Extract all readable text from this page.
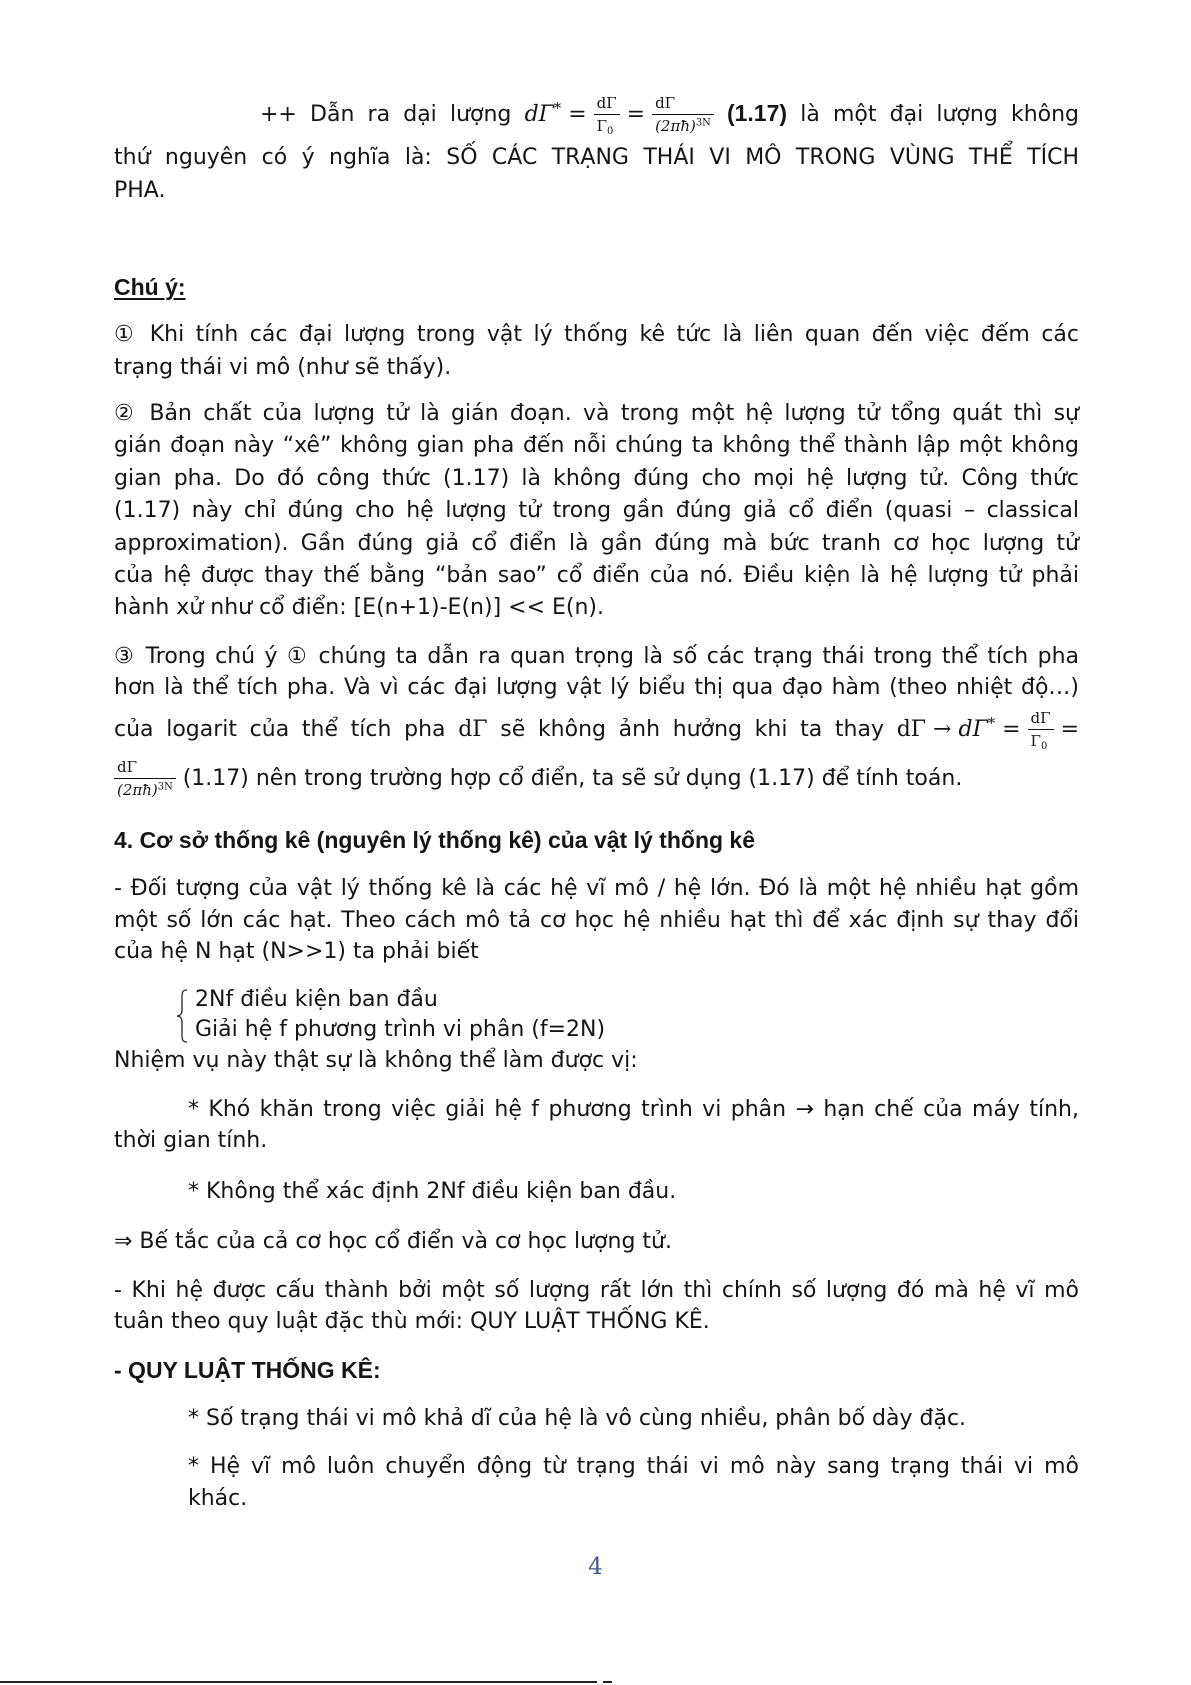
++ Dẫn ra dại lượng $d\Gamma^* = \frac{d\Gamma}{\Gamma_0} = \frac{d\Gamma}{(2\pi ħ)^{3N}} (1.17)$ là một đại lượng không
thứ nguyên có ý nghĩa là: SỐ CÁC TRẠNG THÁI VI MÔ TRONG VÙNG THỂ TÍCH
PHA.
Chú ý:
① Khi tính các đại lượng trong vật lý thống kê tức là liên quan đến việc đếm các
trạng thái vi mô (như sẽ thấy).
② Bản chất của lượng tử là gián đoạn. và trong một hệ lượng tử tổng quát thì sự
gián đoạn này “xê” không gian pha đến nỗi chúng ta không thể thành lập một không
gian pha. Do đó công thức (1.17) là không đúng cho mọi hệ lượng tử. Công thức
(1.17) này chỉ đúng cho hệ lượng tử trong gần đúng giả cổ điển (quasi – classical
approximation). Gần đúng giả cổ điển là gần đúng mà bức tranh cơ học lượng tử
của hệ được thay thế bằng “bản sao” cổ điển của nó. Điều kiện là hệ lượng tử phải
hành xử như cổ điển: [E(n+1)-E(n)] << E(n).
③ Trong chú ý ① chúng ta dẫn ra quan trọng là số các trạng thái trong thể tích pha
hơn là thể tích pha. Và vì các đại lượng vật lý biểu thị qua đạo hàm (theo nhiệt độ…)
của logarit của thể tích pha dΓ sẽ không ảnh hưởng khi ta thay $d\Gamma \to d\Gamma^* = \frac{d\Gamma}{\Gamma_0}$ =
$\frac{d\Gamma}{(2\pi ħ)^{3N}} (1.17)$ nên trong trường hợp cổ điển, ta sẽ sử dụng (1.17) để tính toán.
4. Cơ sở thống kê (nguyên lý thống kê) của vật lý thống kê
- Đối tượng của vật lý thống kê là các hệ vĩ mô / hệ lớn. Đó là một hệ nhiều hạt gồm
một số lớn các hạt. Theo cách mô tả cơ học hệ nhiều hạt thì để xác định sự thay đổi
của hệ N hạt (N>>1) ta phải biết
2Nf điều kiện ban đầu
Giải hệ f phương trình vi phân (f=2N)
Nhiệm vụ này thật sự là không thể làm được vị:
* Khó khăn trong việc giải hệ f phương trình vi phân → hạn chế của máy tính,
thời gian tính.
* Không thể xác định 2Nf điều kiện ban đầu.
⇒ Bế tắc của cả cơ học cổ điển và cơ học lượng tử.
- Khi hệ được cấu thành bởi một số lượng rất lớn thì chính số lượng đó mà hệ vĩ mô
tuân theo quy luật đặc thù mới: QUY LUẬT THỐNG KÊ.
- QUY LUẬT THỐNG KÊ:
* Số trạng thái vi mô khả dĩ của hệ là vô cùng nhiều, phân bố dày đặc.
* Hệ vĩ mô luôn chuyển động từ trạng thái vi mô này sang trạng thái vi mô
khác.
4
